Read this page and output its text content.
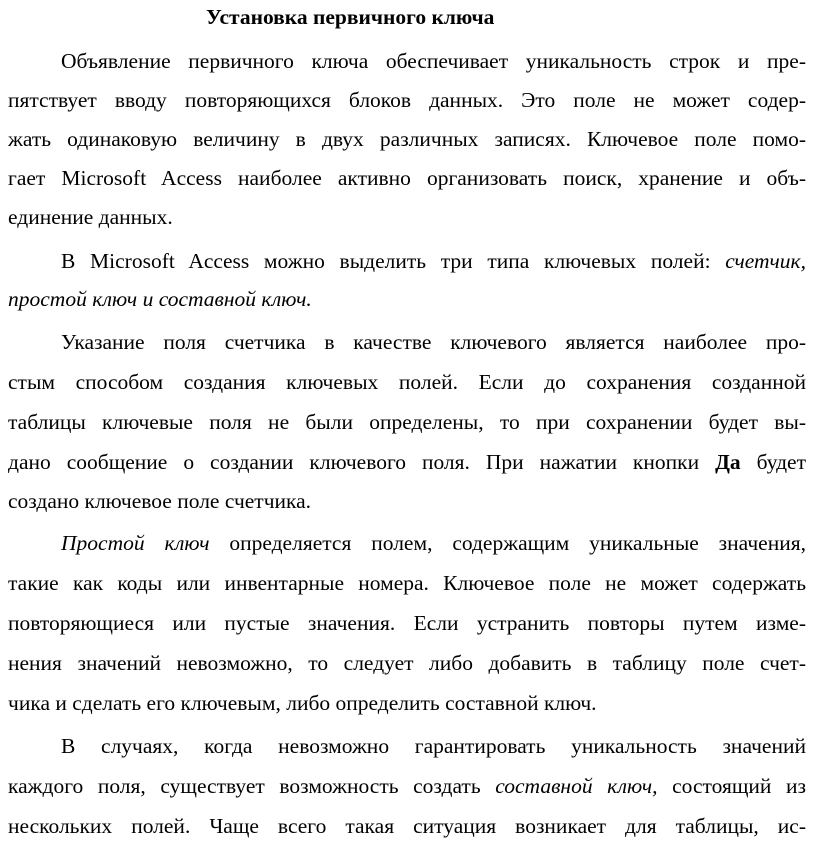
Установка первичного ключа
Объявление первичного ключа обеспечивает уникальность строк и пре-
пятствует вводу повторяющихся блоков данных. Это поле не может содер-
жать одинаковую величину в двух различных записях. Ключевое поле помо-
гает Microsoft Access наиболее активно организовать поиск, хранение и объ-
единение данных.
В Microsoft Access можно выделить три типа ключевых полей: счетчик,
простой ключ и составной ключ.
Указание поля счетчика в качестве ключевого является наиболее про-
стым способом создания ключевых полей. Если до сохранения созданной
таблицы ключевые поля не были определены, то при сохранении будет вы-
дано сообщение о создании ключевого поля. При нажатии кнопки Да будет
создано ключевое поле счетчика.
Простой ключ определяется полем, содержащим уникальные значения,
такие как коды или инвентарные номера. Ключевое поле не может содержать
повторяющиеся или пустые значения. Если устранить повторы путем изме-
нения значений невозможно, то следует либо добавить в таблицу поле счет-
чика и сделать его ключевым, либо определить составной ключ.
В случаях, когда невозможно гарантировать уникальность значений
каждого поля, существует возможность создать составной ключ, состоящий из
нескольких полей. Чаще всего такая ситуация возникает для таблицы, ис-
